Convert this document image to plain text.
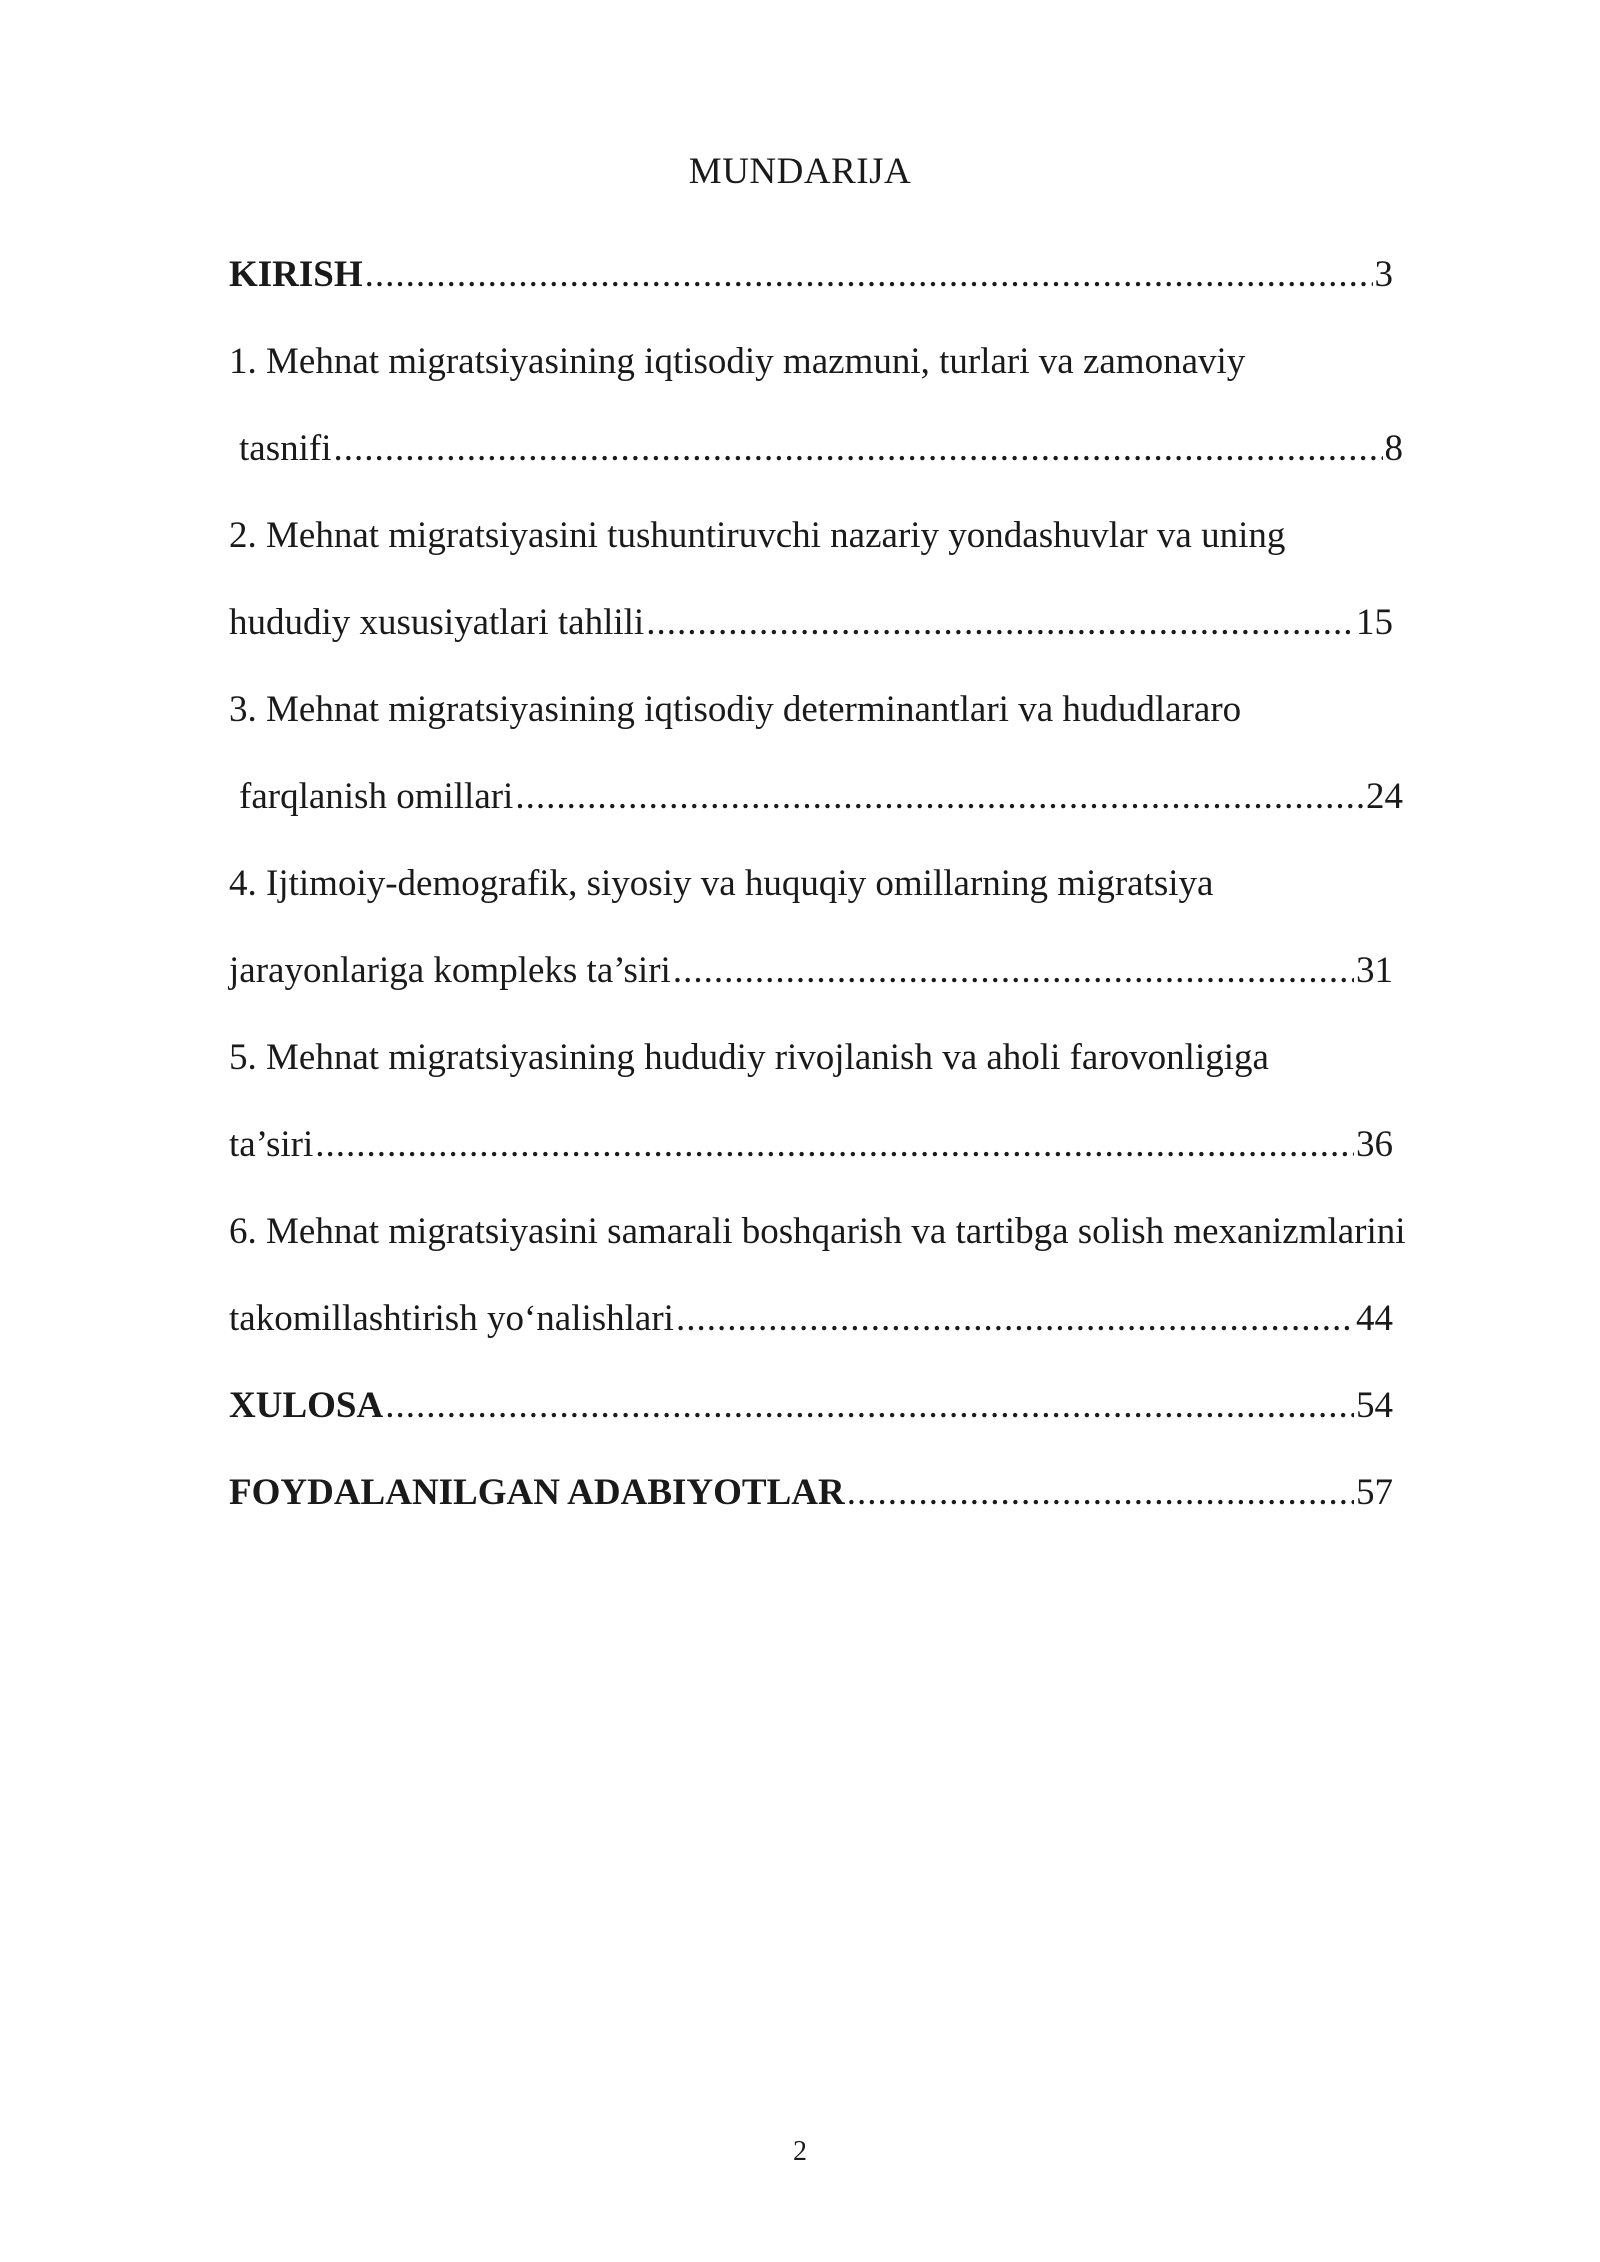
MUNDARIJA
KIRISH .....	3
1. Mehnat migratsiyasining iqtisodiy mazmuni, turlari va zamonaviy
tasnifi .....	8
2. Mehnat migratsiyasini tushuntiruvchi nazariy yondashuvlar va uning
hududiy xususiyatlari tahlili .....	15
3. Mehnat migratsiyasining iqtisodiy determinantlari va hududlararo
farqlanish omillari .....	24
4. Ijtimoiy-demografik, siyosiy va huquqiy omillarning migratsiya
jarayonlariga kompleks ta’siri .....	31
5. Mehnat migratsiyasining hududiy rivojlanish va aholi farovonligiga
ta’siri .....	36
6. Mehnat migratsiyasini samarali boshqarish va tartibga solish mexanizmlarini
takomillashtirish yo‘nalishlari .....	44
XULOSA .....	54
FOYDALANILGAN ADABIYOTLAR .....	57
2
